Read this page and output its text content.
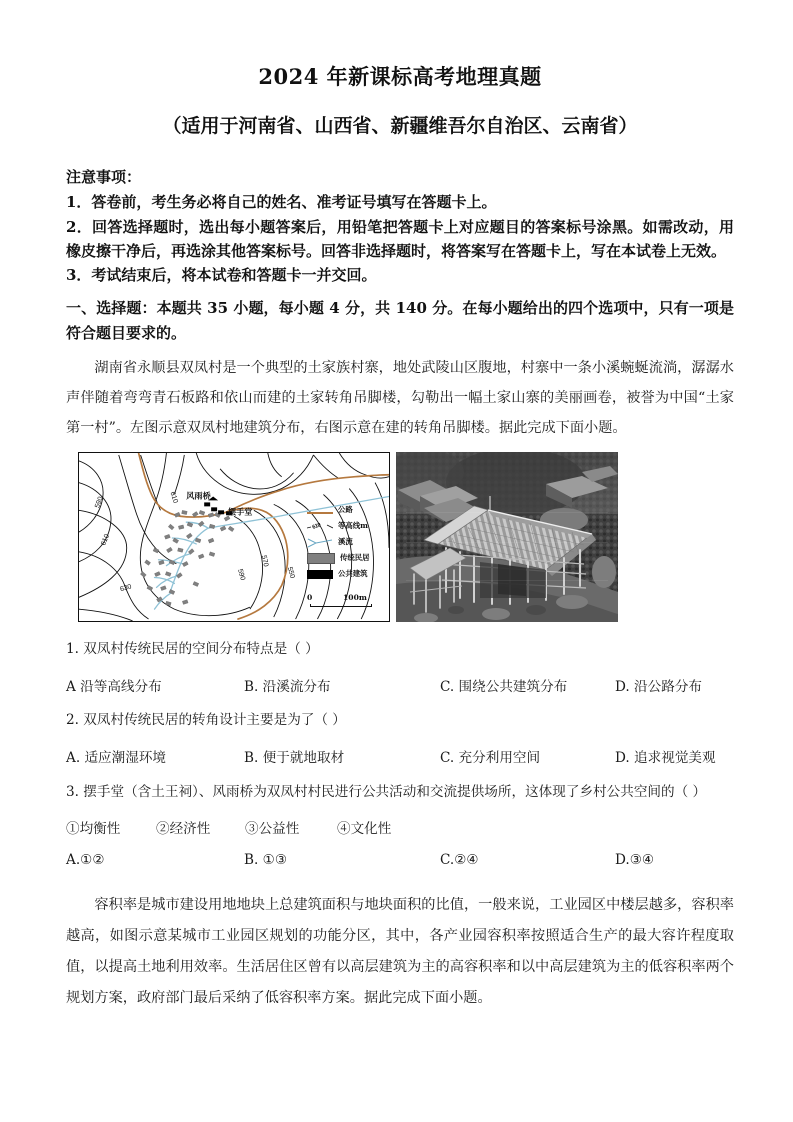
2024 年新课标高考地理真题
（适用于河南省、山西省、新疆维吾尔自治区、云南省）

注意事项：

1．答卷前，考生务必将自己的姓名、准考证号填写在答题卡上。

2．回答选择题时，选出每小题答案后，用铅笔把答题卡上对应题目的答案标号涂黑。如需改动，用橡皮擦干净后，再选涂其他答案标号。回答非选择题时，将答案写在答题卡上，写在本试卷上无效。

3．考试结束后，将本试卷和答题卡一并交回。

一、选择题：本题共 35 小题，每小题 4 分，共 140 分。在每小题给出的四个选项中，只有一项是符合题目要求的。
湖南省永顺县双凤村是一个典型的土家族村寨，地处武陵山区腹地，村寨中一条小溪蜿蜒流淌，潺潺水声伴随着弯弯青石板路和依山而建的土家转角吊脚楼，勾勒出一幅土家山寨的美丽画卷，被誉为中国“土家第一村”。左图示意双凤村地建筑分布，右图示意在建的转角吊脚楼。据此完成下面小题。
590
610
610
630
590
570
550
风雨桥
摆手堂	公路
610 等高线m
溪流
传统民居
公共建筑
0	100m
1. 双凤村传统民居的空间分布特点是（ ）
A 沿等高线分布	B. 沿溪流分布	C. 围绕公共建筑分布	D. 沿公路分布
2. 双凤村传统民居的转角设计主要是为了（ ）
A. 适应潮湿环境	B. 便于就地取材	C. 充分利用空间	D. 追求视觉美观
3. 摆手堂（含土王祠）、风雨桥为双凤村村民进行公共活动和交流提供场所，这体现了乡村公共空间的（ ）
①均衡性	②经济性	③公益性	④文化性
A.①②	B. ①③	C.②④	D.③④
容积率是城市建设用地地块上总建筑面积与地块面积的比值，一般来说，工业园区中楼层越多，容积率越高，如图示意某城市工业园区规划的功能分区，其中，各产业园容积率按照适合生产的最大容许程度取值，以提高土地利用效率。生活居住区曾有以高层建筑为主的高容积率和以中高层建筑为主的低容积率两个规划方案，政府部门最后采纳了低容积率方案。据此完成下面小题。
